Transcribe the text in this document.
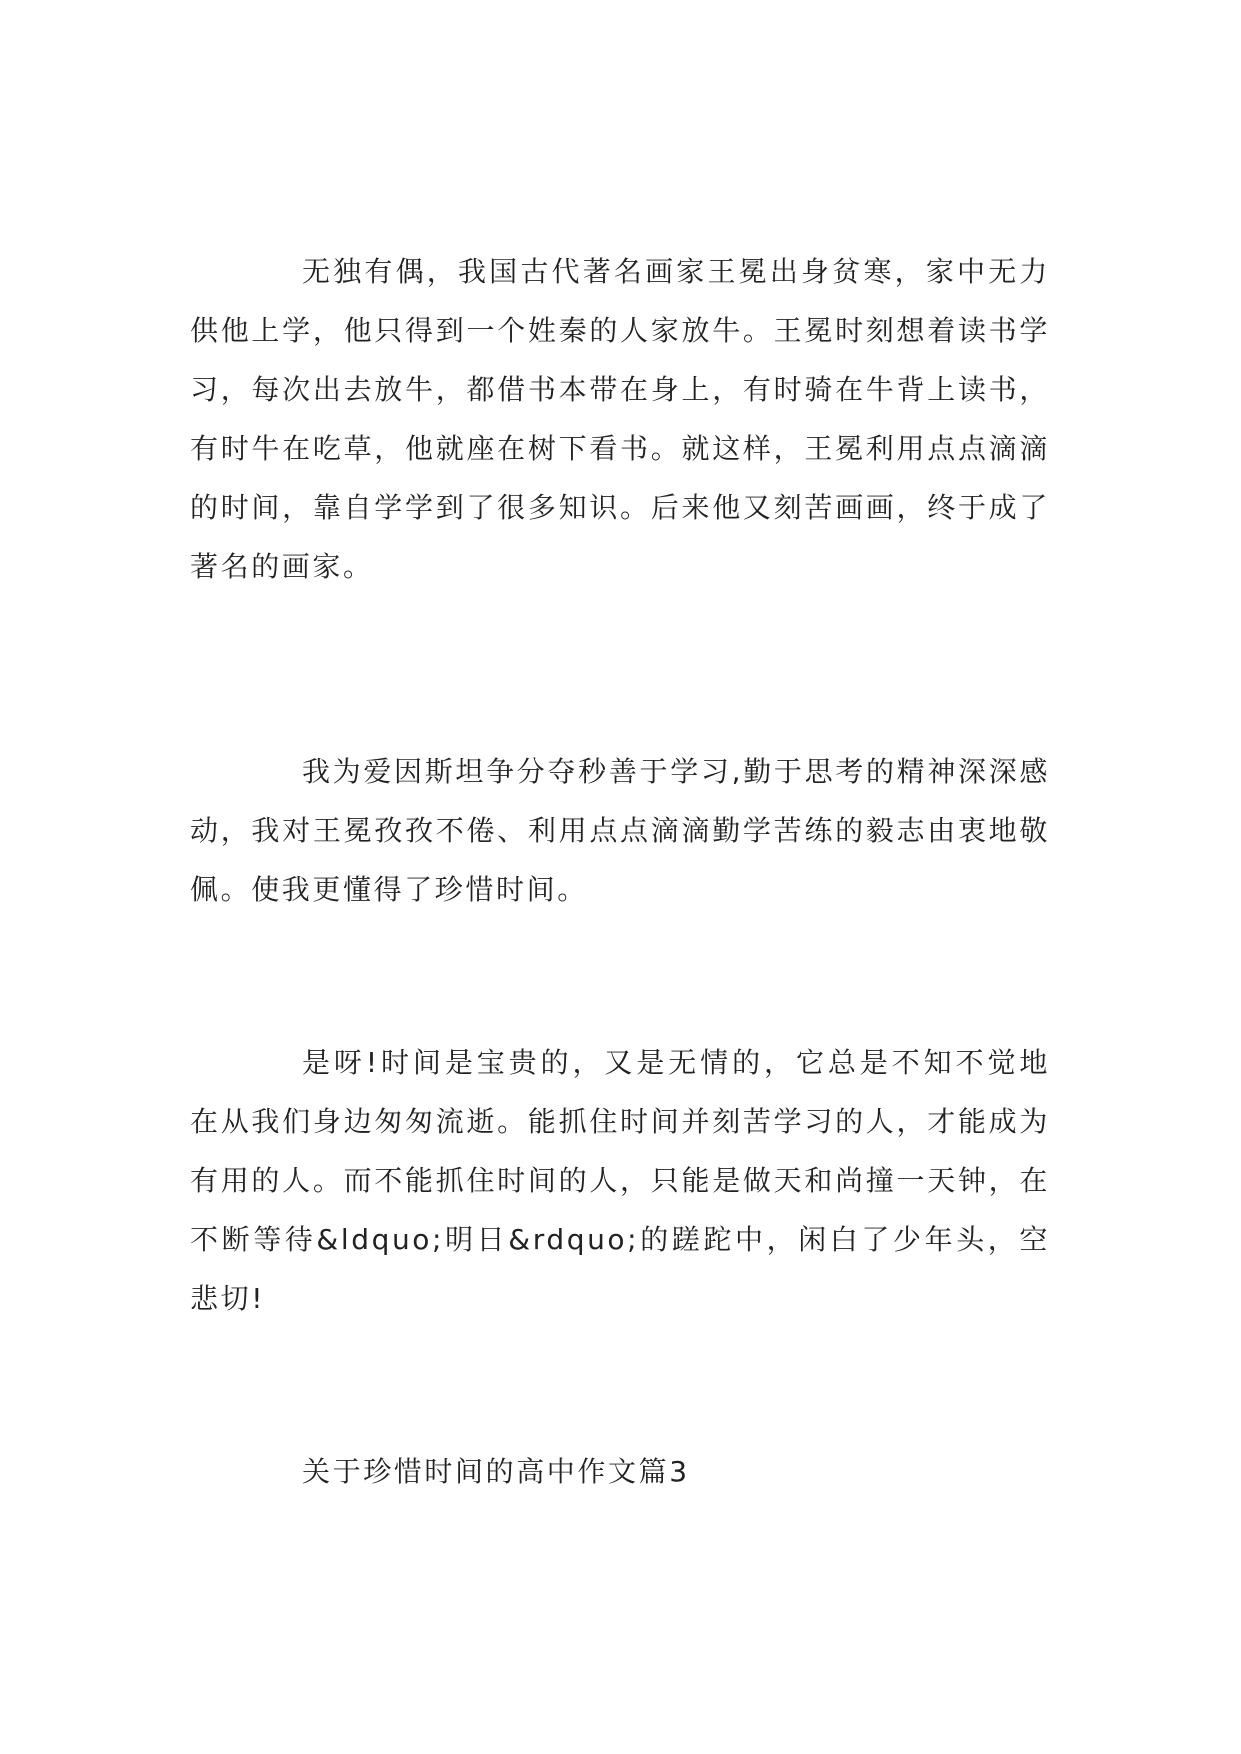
无独有偶，我国古代著名画家王冕出身贫寒，家中无力供他上学，他只得到一个姓秦的人家放牛。王冕时刻想着读书学习，每次出去放牛，都借书本带在身上，有时骑在牛背上读书，有时牛在吃草，他就座在树下看书。就这样，王冕利用点点滴滴的时间，靠自学学到了很多知识。后来他又刻苦画画，终于成了著名的画家。

我为爱因斯坦争分夺秒善于学习,勤于思考的精神深深感动，我对王冕孜孜不倦、利用点点滴滴勤学苦练的毅志由衷地敬佩。使我更懂得了珍惜时间。

是呀!时间是宝贵的，又是无情的，它总是不知不觉地在从我们身边匆匆流逝。能抓住时间并刻苦学习的人，才能成为有用的人。而不能抓住时间的人，只能是做天和尚撞一天钟，在不断等待&ldquo;明日&rdquo;的蹉跎中，闲白了少年头，空悲切!

关于珍惜时间的高中作文篇3
